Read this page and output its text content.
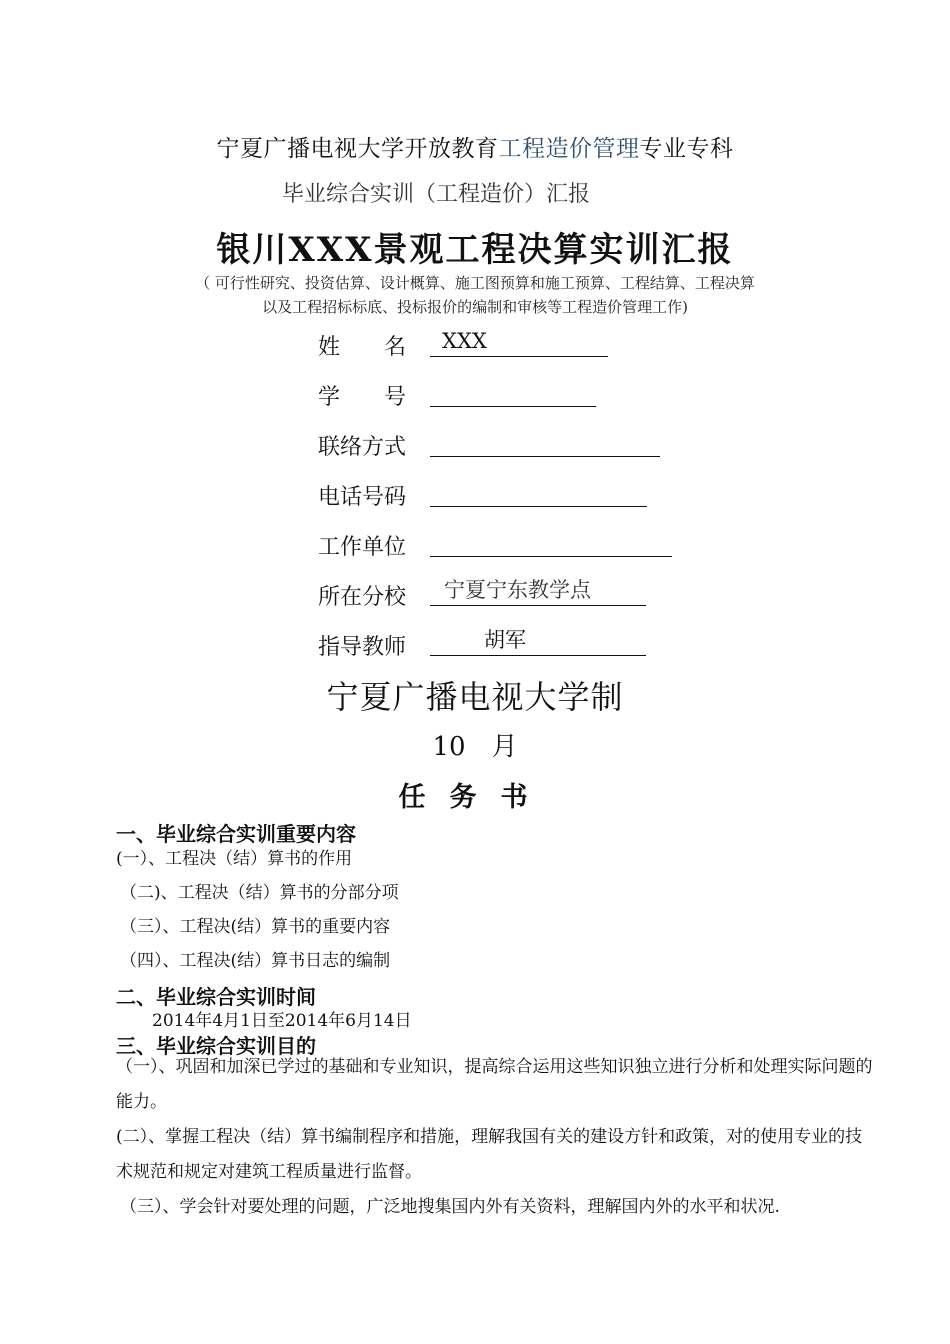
宁夏广播电视大学开放教育工程造价管理专业专科
毕业综合实训（工程造价）汇报
银川XXX景观工程决算实训汇报
（ 可行性研究、投资估算、设计概算、施工图预算和施工预算、工程结算、工程决算
以及工程招标标底、投标报价的编制和审核等工程造价管理工作)
姓　　名	XXX
学　　号
联络方式
电话号码
工作单位
所在分校	宁夏宁东教学点
指导教师	胡军
宁夏广播电视大学制
10　月
任务书
一、毕业综合实训重要内容
(一）、工程决（结）算书的作用
（二)、工程决（结）算书的分部分项
（三）、工程决(结）算书的重要内容
（四）、工程决(结）算书日志的编制
二、毕业综合实训时间
2014年4月1日至2014年6月14日
三、毕业综合实训目的
（一）、巩固和加深已学过的基础和专业知识，提高综合运用这些知识独立进行分析和处理实际问题的能力。
(二）、掌握工程决（结）算书编制程序和措施，理解我国有关的建设方针和政策，对的使用专业的技术规范和规定对建筑工程质量进行监督。
（三）、学会针对要处理的问题，广泛地搜集国内外有关资料，理解国内外的水平和状况.
